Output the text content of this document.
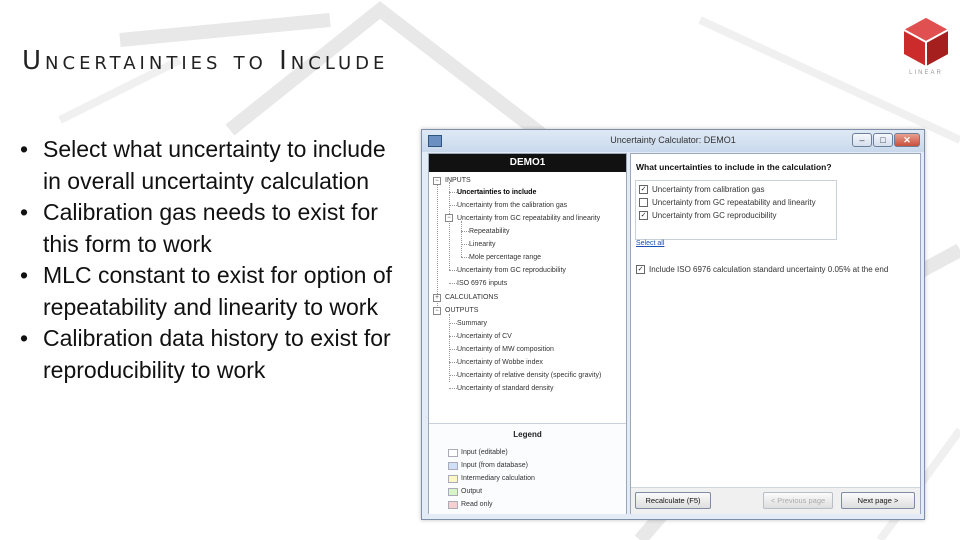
Uncertainties to Include	LINEAR
• Select what uncertainty to include in overall uncertainty calculation
• Calibration gas needs to exist for this form to work
• MLC constant to exist for option of repeatability and linearity to work
• Calibration data history to exist for reproducibility to work
Uncertainty Calculator: DEMO1	–	□	✕
DEMO1
− INPUTS
Uncertainties to include
Uncertainty from the calibration gas
− Uncertainty from GC repeatability and linearity
Repeatability
Linearity
Mole percentage range
Uncertainty from GC reproducibility
ISO 6976 inputs
+ CALCULATIONS
− OUTPUTS
Summary
Uncertainty of CV
Uncertainty of MW composition
Uncertainty of Wobbe index
Uncertainty of relative density (specific gravity)
Uncertainty of standard density
Legend
Input (editable)
Input (from database)
Intermediary calculation
Output
Read only
What uncertainties to include in the calculation?
✓ Uncertainty from calibration gas
Uncertainty from GC repeatability and linearity
✓ Uncertainty from GC reproducibility
Select all
✓ Include ISO 6976 calculation standard uncertainty 0.05% at the end
Recalculate (F5)	< Previous page	Next page >
